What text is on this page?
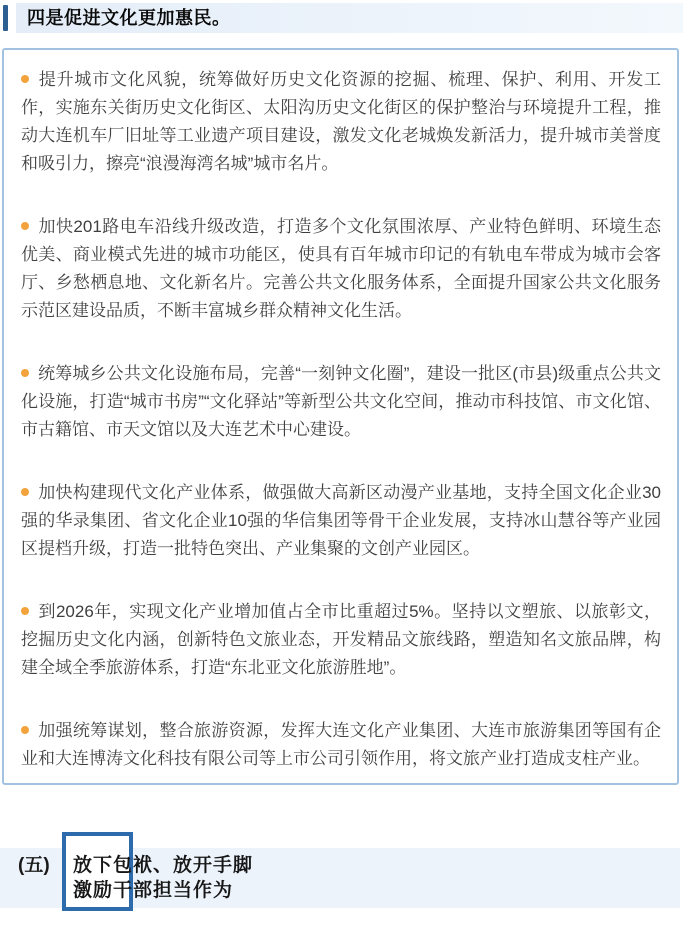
四是促进文化更加惠民。

提升城市文化风貌，统筹做好历史文化资源的挖掘、梳理、保护、利用、开发工作，实施东关街历史文化街区、太阳沟历史文化街区的保护整治与环境提升工程，推动大连机车厂旧址等工业遗产项目建设，激发文化老城焕发新活力，提升城市美誉度和吸引力，擦亮“浪漫海湾名城”城市名片。

加快201路电车沿线升级改造，打造多个文化氛围浓厚、产业特色鲜明、环境生态优美、商业模式先进的城市功能区，使具有百年城市印记的有轨电车带成为城市会客厅、乡愁栖息地、文化新名片。完善公共文化服务体系，全面提升国家公共文化服务示范区建设品质，不断丰富城乡群众精神文化生活。

统筹城乡公共文化设施布局，完善“一刻钟文化圈”，建设一批区(市县)级重点公共文化设施，打造“城市书房”“文化驿站”等新型公共文化空间，推动市科技馆、市文化馆、市古籍馆、市天文馆以及大连艺术中心建设。

加快构建现代文化产业体系，做强做大高新区动漫产业基地，支持全国文化企业30强的华录集团、省文化企业10强的华信集团等骨干企业发展，支持冰山慧谷等产业园区提档升级，打造一批特色突出、产业集聚的文创产业园区。

到2026年，实现文化产业增加值占全市比重超过5%。坚持以文塑旅、以旅彰文，挖掘历史文化内涵，创新特色文旅业态，开发精品文旅线路，塑造知名文旅品牌，构建全域全季旅游体系，打造“东北亚文化旅游胜地”。

加强统筹谋划，整合旅游资源，发挥大连文化产业集团、大连市旅游集团等国有企业和大连博涛文化科技有限公司等上市公司引领作用，将文旅产业打造成支柱产业。

(五) 放下包袱、放开手脚
激励干部担当作为
